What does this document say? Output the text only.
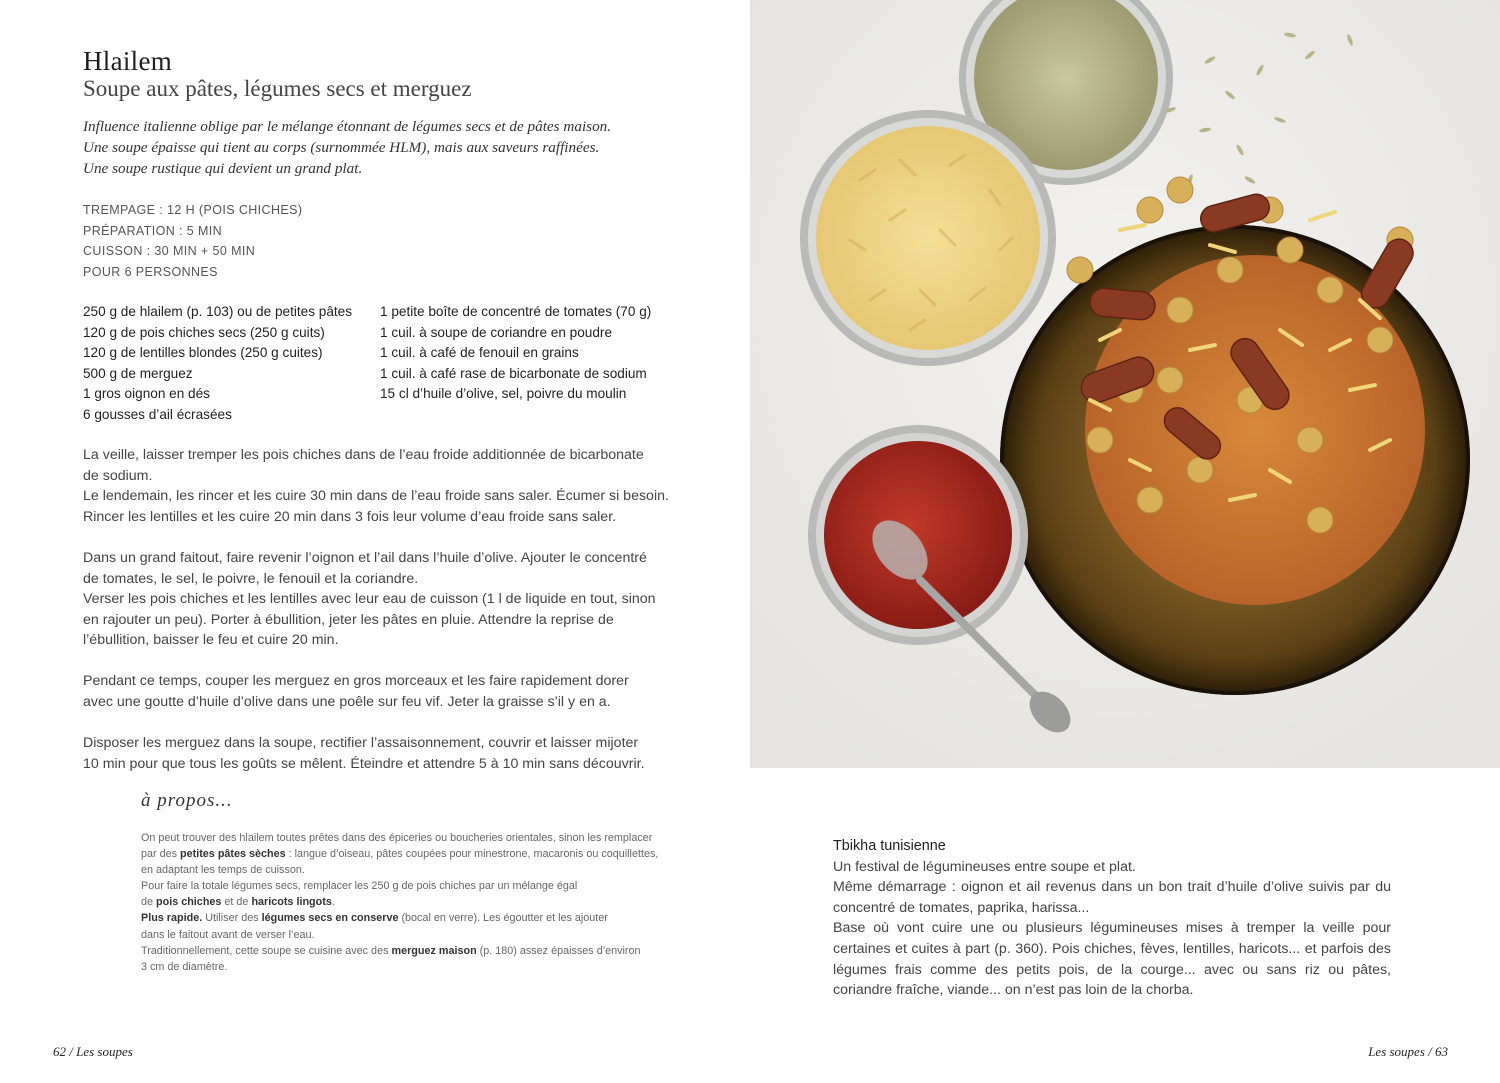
Hlailem
Soupe aux pâtes, légumes secs et merguez
Influence italienne oblige par le mélange étonnant de légumes secs et de pâtes maison.
Une soupe épaisse qui tient au corps (surnommée HLM), mais aux saveurs raffinées.
Une soupe rustique qui devient un grand plat.
TREMPAGE : 12 H (POIS CHICHES)
PRÉPARATION : 5 MIN
CUISSON : 30 MIN + 50 MIN
POUR 6 PERSONNES
250 g de hlailem (p. 103) ou de petites pâtes
120 g de pois chiches secs (250 g cuits)
120 g de lentilles blondes (250 g cuites)
500 g de merguez
1 gros oignon en dés
6 gousses d’ail écrasées
1 petite boîte de concentré de tomates (70 g)
1 cuil. à soupe de coriandre en poudre
1 cuil. à café de fenouil en grains
1 cuil. à café rase de bicarbonate de sodium
15 cl d’huile d’olive, sel, poivre du moulin
La veille, laisser tremper les pois chiches dans de l’eau froide additionnée de bicarbonate
de sodium.
Le lendemain, les rincer et les cuire 30 min dans de l’eau froide sans saler. Écumer si besoin.
Rincer les lentilles et les cuire 20 min dans 3 fois leur volume d’eau froide sans saler.
Dans un grand faitout, faire revenir l’oignon et l’ail dans l’huile d’olive. Ajouter le concentré
de tomates, le sel, le poivre, le fenouil et la coriandre.
Verser les pois chiches et les lentilles avec leur eau de cuisson (1 l de liquide en tout, sinon
en rajouter un peu). Porter à ébullition, jeter les pâtes en pluie. Attendre la reprise de
l’ébullition, baisser le feu et cuire 20 min.
Pendant ce temps, couper les merguez en gros morceaux et les faire rapidement dorer
avec une goutte d’huile d’olive dans une poêle sur feu vif. Jeter la graisse s’il y en a.
Disposer les merguez dans la soupe, rectifier l’assaisonnement, couvrir et laisser mijoter
10 min pour que tous les goûts se mêlent. Éteindre et attendre 5 à 10 min sans découvrir.
à propos...
On peut trouver des hlailem toutes prêtes dans des épiceries ou boucheries orientales, sinon les remplacer
par des petites pâtes sèches : langue d’oiseau, pâtes coupées pour minestrone, macaronis ou coquillettes,
en adaptant les temps de cuisson.
Pour faire la totale légumes secs, remplacer les 250 g de pois chiches par un mélange égal
de pois chiches et de haricots lingots.
Plus rapide. Utiliser des légumes secs en conserve (bocal en verre). Les égoutter et les ajouter
dans le faitout avant de verser l’eau.
Traditionnellement, cette soupe se cuisine avec des merguez maison (p. 180) assez épaisses d’environ
3 cm de diamètre.
62 / Les soupes
Tbikha tunisienne
Un festival de légumineuses entre soupe et plat.
Même démarrage : oignon et ail revenus dans un bon trait d’huile d’olive suivis par du concentré de tomates, paprika, harissa...
Base où vont cuire une ou plusieurs légumineuses mises à tremper la veille pour certaines et cuites à part (p. 360). Pois chiches, fèves, lentilles, haricots... et parfois des légumes frais comme des petits pois, de la courge... avec ou sans riz ou pâtes, coriandre fraîche, viande... on n’est pas loin de la chorba.
Les soupes / 63
